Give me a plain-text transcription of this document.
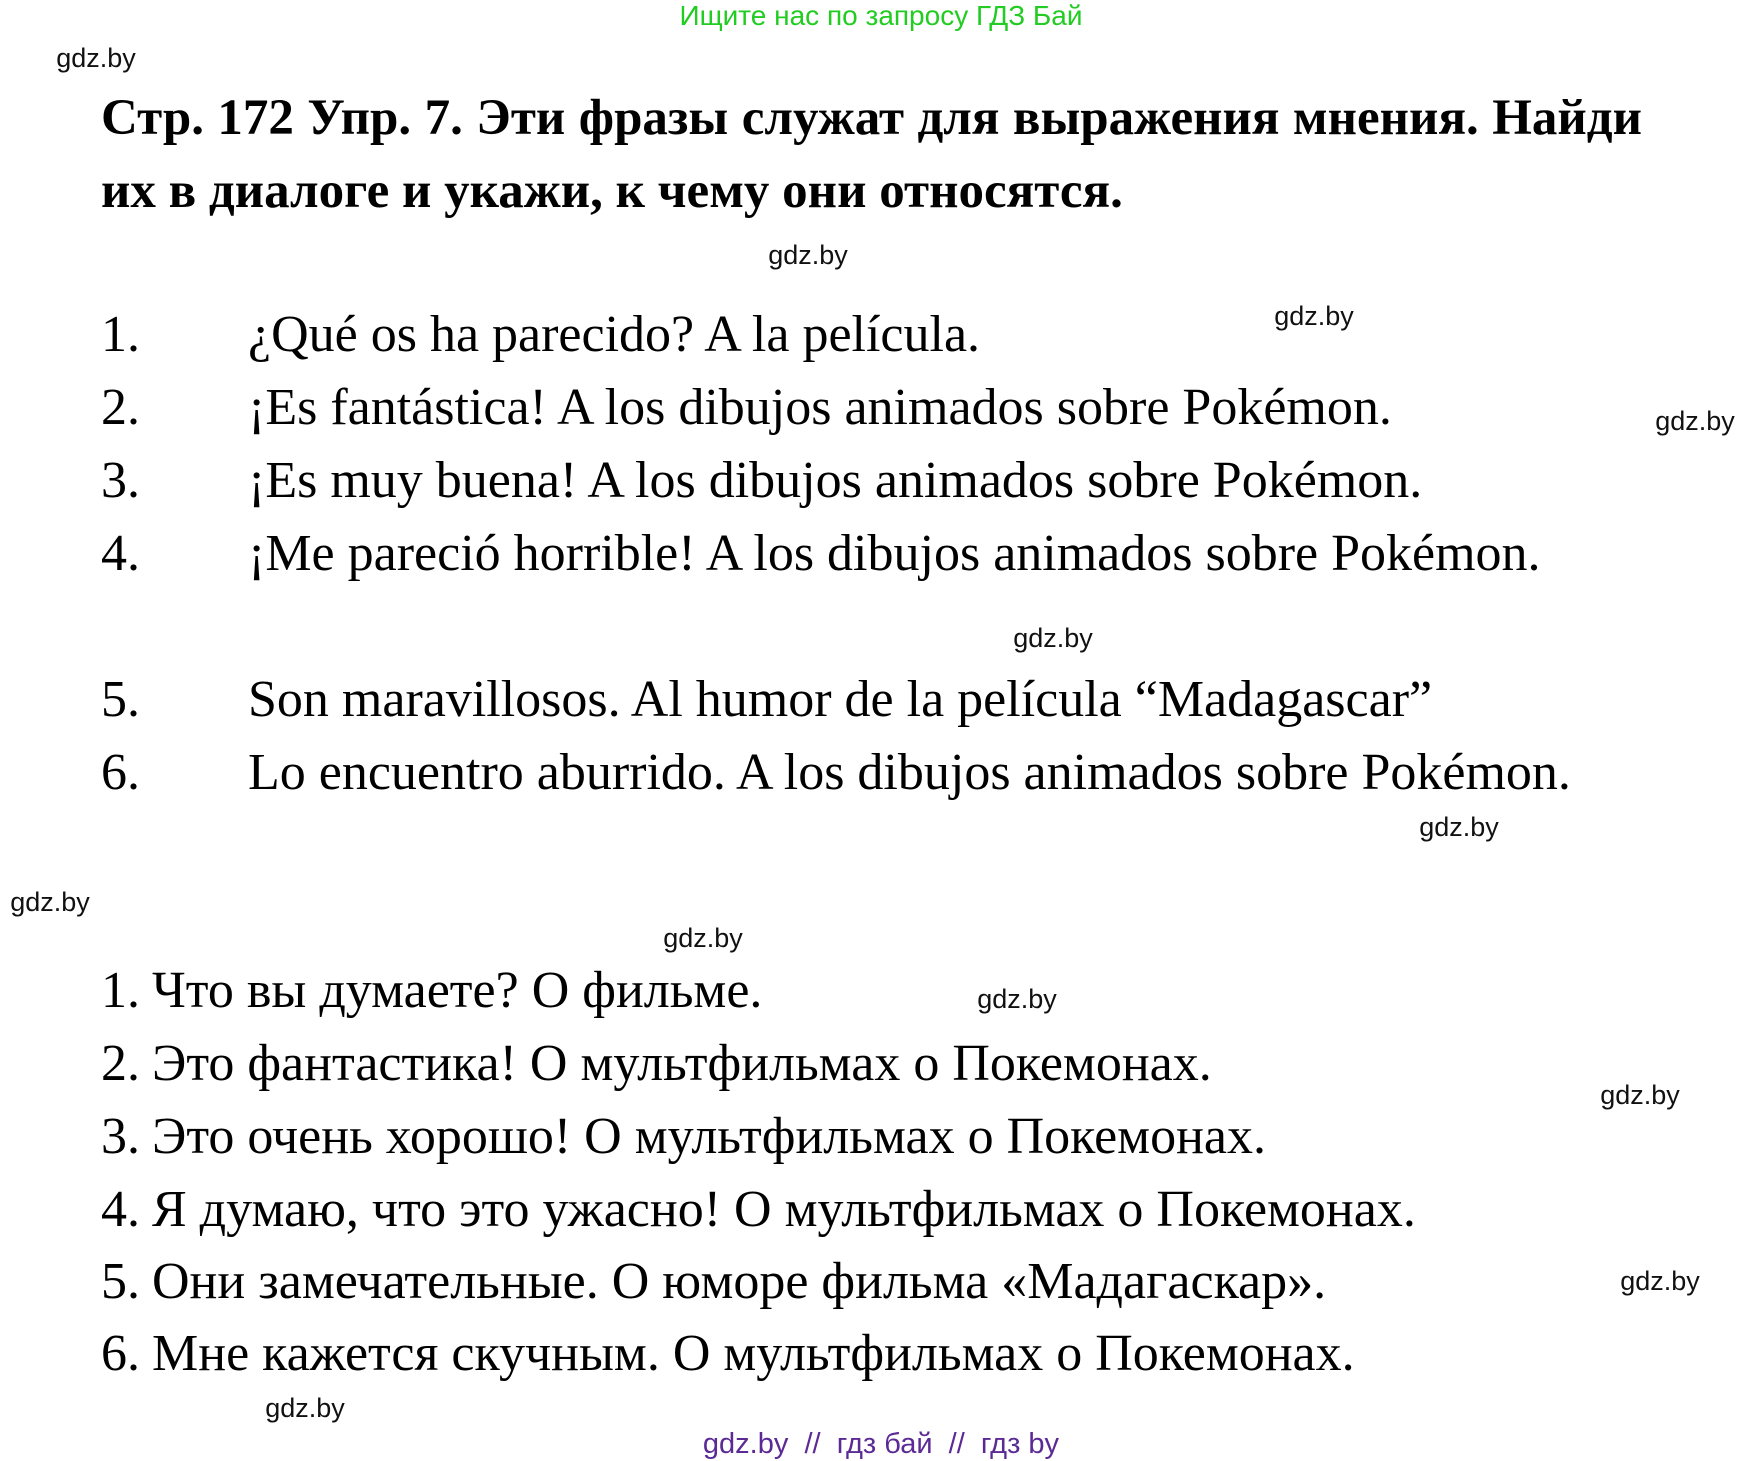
Ищите нас по запросу ГДЗ Бай
Стр. 172 Упр. 7. Эти фразы служат для выражения мнения. Найди их в диалоге и укажи, к чему они относятся.
1. ¿Qué os ha parecido? A la película.
2. ¡Es fantástica! A los dibujos animados sobre Pokémon.
3. ¡Es muy buena! A los dibujos animados sobre Pokémon.
4. ¡Me pareció horrible! A los dibujos animados sobre Pokémon.
5. Son maravillosos. Al humor de la película “Madagascar”
6. Lo encuentro aburrido. A los dibujos animados sobre Pokémon.
1. Что вы думаете? О фильме.
2. Это фантастика! О мультфильмах о Покемонах.
3. Это очень хорошо! О мультфильмах о Покемонах.
4. Я думаю, что это ужасно! О мультфильмах о Покемонах.
5. Они замечательные. О юморе фильма «Мадагаскар».
6. Мне кажется скучным. О мультфильмах о Покемонах.
gdz.by
gdz.by
gdz.by
gdz.by
gdz.by
gdz.by
gdz.by
gdz.by
gdz.by
gdz.by
gdz.by
gdz.by
gdz.by  //  гдз бай  //  гдз by
